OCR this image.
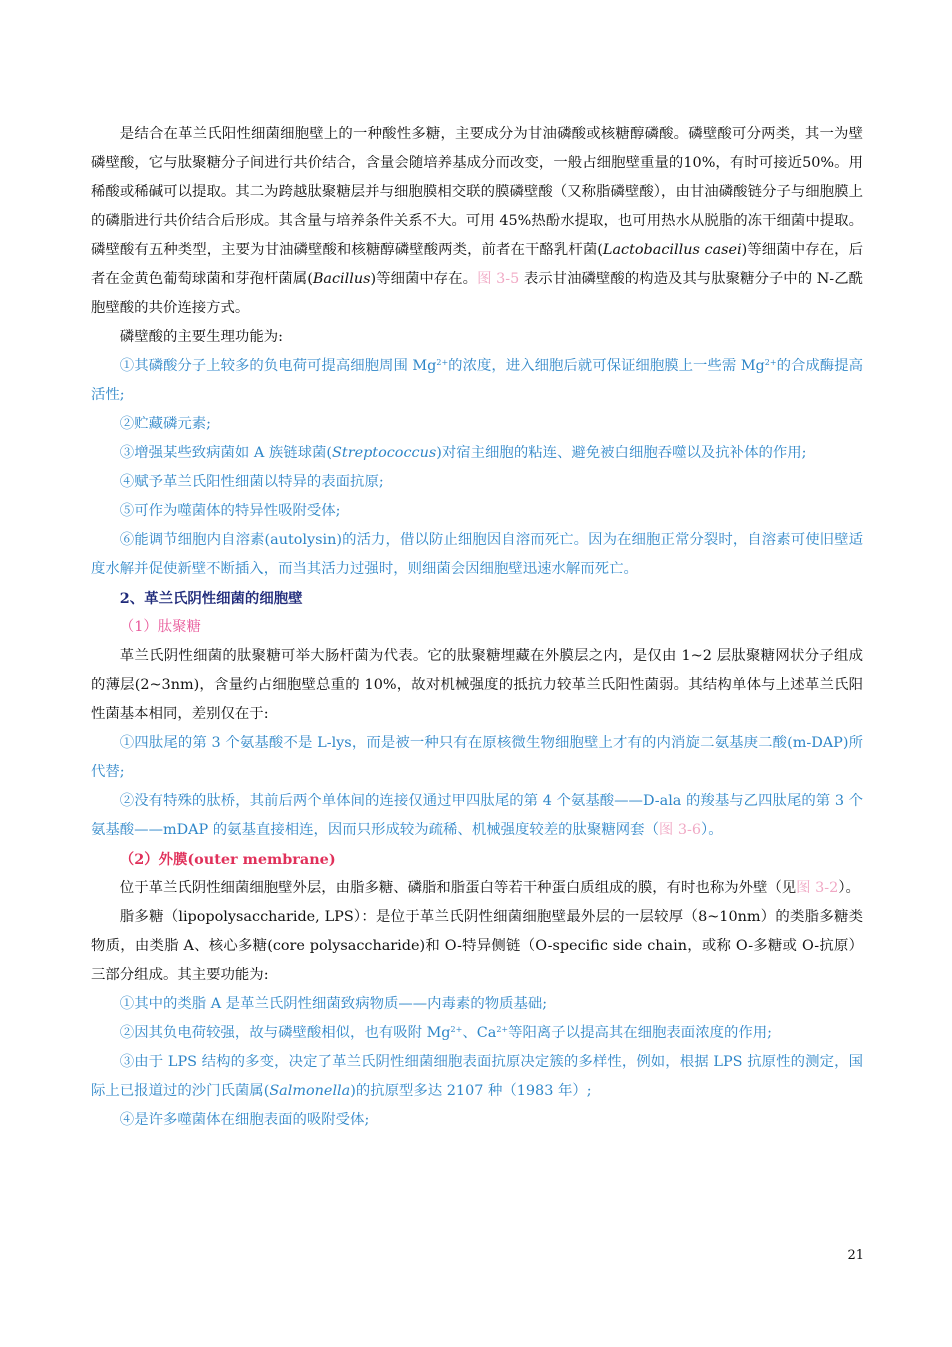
是结合在革兰氏阳性细菌细胞壁上的一种酸性多糖，主要成分为甘油磷酸或核糖醇磷酸。磷壁酸可分两类，其一为壁磷壁酸，它与肽聚糖分子间进行共价结合，含量会随培养基成分而改变，一般占细胞壁重量的10%，有时可接近50%。用稀酸或稀碱可以提取。其二为跨越肽聚糖层并与细胞膜相交联的膜磷壁酸（又称脂磷壁酸），由甘油磷酸链分子与细胞膜上的磷脂进行共价结合后形成。其含量与培养条件关系不大。可用 45%热酚水提取，也可用热水从脱脂的冻干细菌中提取。磷壁酸有五种类型，主要为甘油磷壁酸和核糖醇磷壁酸两类，前者在干酪乳杆菌(Lactobacillus casei)等细菌中存在，后者在金黄色葡萄球菌和芽孢杆菌属(Bacillus)等细菌中存在。图 3-5 表示甘油磷壁酸的构造及其与肽聚糖分子中的 N-乙酰胞壁酸的共价连接方式。

磷壁酸的主要生理功能为:

①其磷酸分子上较多的负电荷可提高细胞周围 $Mg^{2+}$的浓度，进入细胞后就可保证细胞膜上一些需 $Mg^{2+}$的合成酶提高活性;

②贮藏磷元素;

③增强某些致病菌如 A 族链球菌(Streptococcus)对宿主细胞的粘连、避免被白细胞吞噬以及抗补体的作用;

④赋予革兰氏阳性细菌以特异的表面抗原;

⑤可作为噬菌体的特异性吸附受体;

⑥能调节细胞内自溶素(autolysin)的活力，借以防止细胞因自溶而死亡。因为在细胞正常分裂时，自溶素可使旧壁适度水解并促使新壁不断插入，而当其活力过强时，则细菌会因细胞壁迅速水解而死亡。

2、革兰氏阴性细菌的细胞壁

（1）肽聚糖

革兰氏阴性细菌的肽聚糖可举大肠杆菌为代表。它的肽聚糖埋藏在外膜层之内，是仅由 1~2 层肽聚糖网状分子组成的薄层(2~3nm)，含量约占细胞壁总重的 10%，故对机械强度的抵抗力较革兰氏阳性菌弱。其结构单体与上述革兰氏阳性菌基本相同，差别仅在于:

①四肽尾的第 3 个氨基酸不是 L-lys，而是被一种只有在原核微生物细胞壁上才有的内消旋二氨基庚二酸(m-DAP)所代替;

②没有特殊的肽桥，其前后两个单体间的连接仅通过甲四肽尾的第 4 个氨基酸——D-ala 的羧基与乙四肽尾的第 3 个氨基酸——mDAP 的氨基直接相连，因而只形成较为疏稀、机械强度较差的肽聚糖网套（图 3-6）。

（2）外膜(outer membrane)

位于革兰氏阴性细菌细胞壁外层，由脂多糖、磷脂和脂蛋白等若干种蛋白质组成的膜，有时也称为外壁（见图 3-2）。

脂多糖（lipopolysaccharide, LPS）：是位于革兰氏阴性细菌细胞壁最外层的一层较厚（8~10nm）的类脂多糖类物质，由类脂 A、核心多糖(core polysaccharide)和 O-特异侧链（O-specific side chain，或称 O-多糖或 O-抗原）三部分组成。其主要功能为:

①其中的类脂 A 是革兰氏阴性细菌致病物质——内毒素的物质基础;

②因其负电荷较强，故与磷壁酸相似，也有吸附 $Mg^{2+}$、$Ca^{2+}$等阳离子以提高其在细胞表面浓度的作用;

③由于 LPS 结构的多变，决定了革兰氏阴性细菌细胞表面抗原决定簇的多样性，例如，根据 LPS 抗原性的测定，国际上已报道过的沙门氏菌属(Salmonella)的抗原型多达 2107 种（1983 年）;

④是许多噬菌体在细胞表面的吸附受体;

21
